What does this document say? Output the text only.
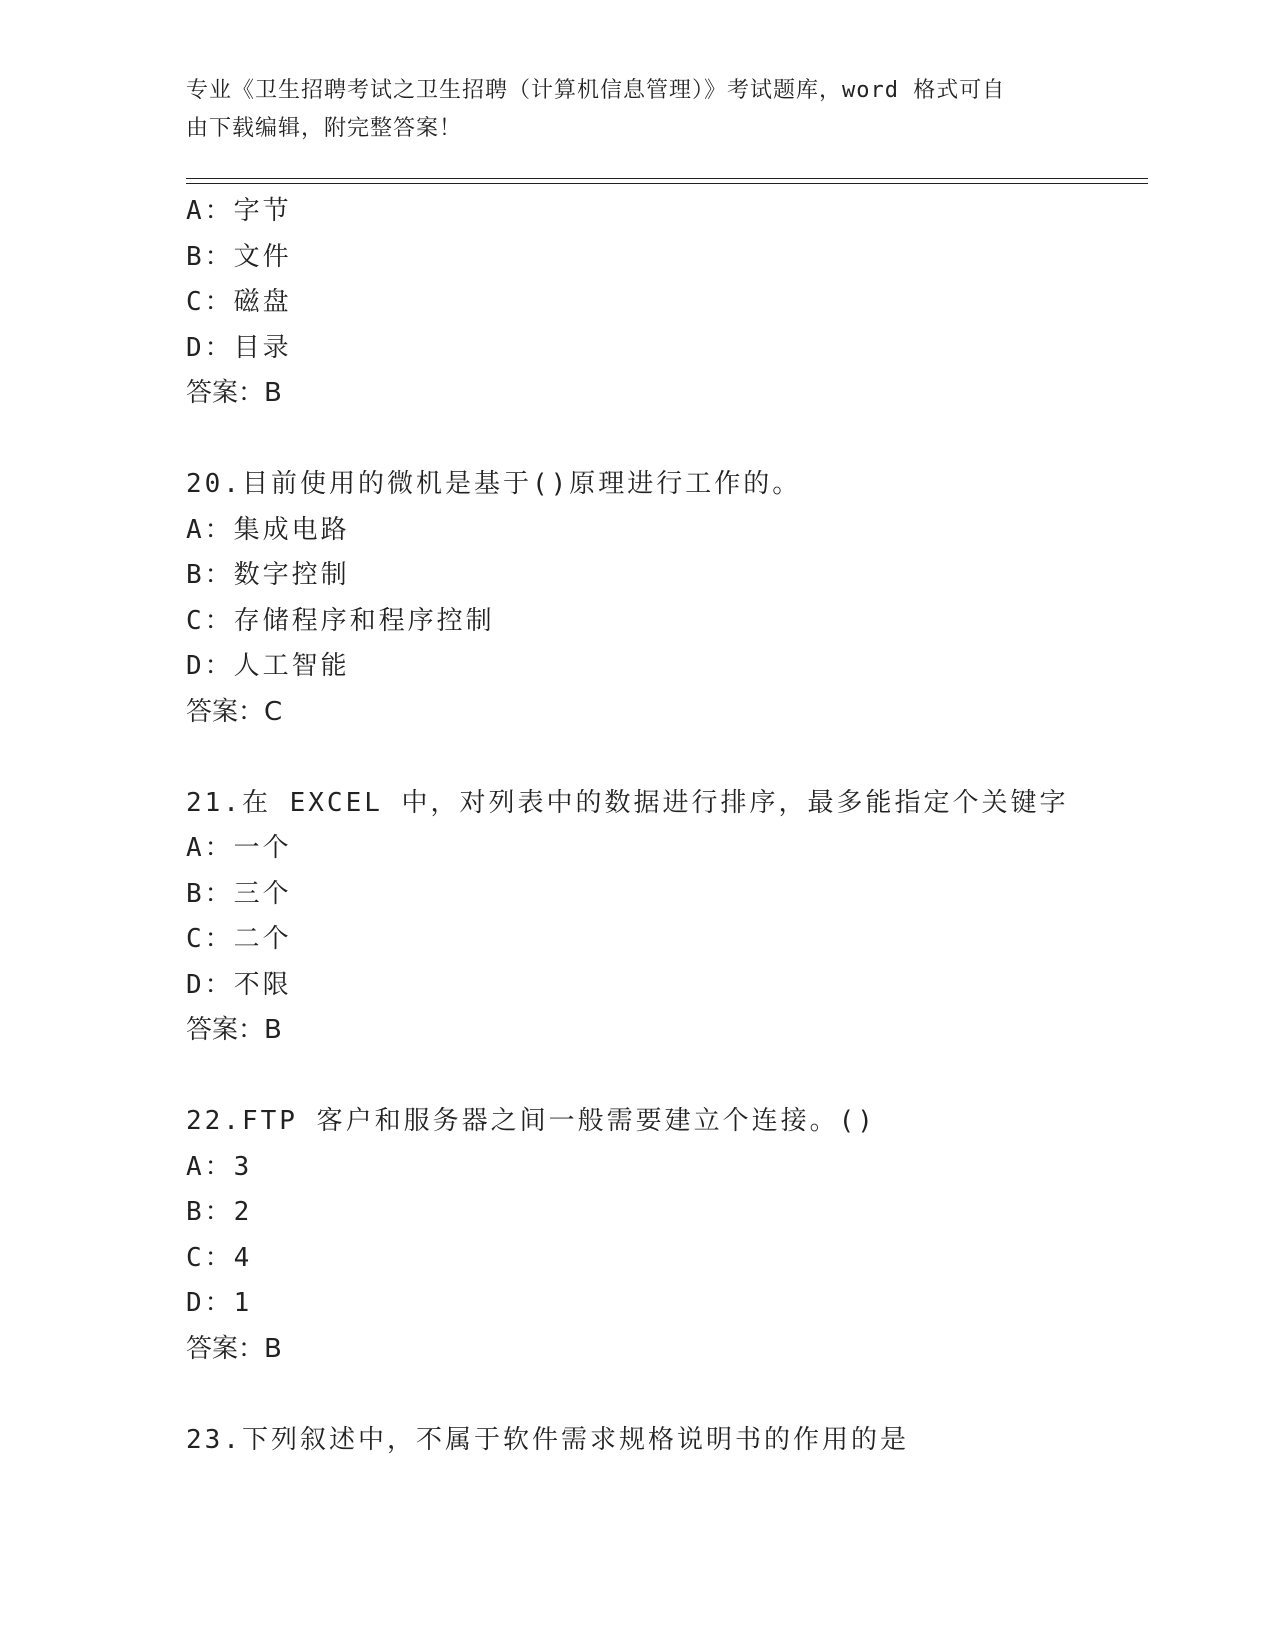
专业《卫生招聘考试之卫生招聘（计算机信息管理）》考试题库，word 格式可自
由下载编辑，附完整答案！
A：字节
B：文件
C：磁盘
D：目录
答案：B
20.目前使用的微机是基于()原理进行工作的。
A：集成电路
B：数字控制
C：存储程序和程序控制
D：人工智能
答案：C
21.在 EXCEL 中，对列表中的数据进行排序，最多能指定个关键字
A：一个
B：三个
C：二个
D：不限
答案：B
22.FTP 客户和服务器之间一般需要建立个连接。()
A：3
B：2
C：4
D：1
答案：B
23.下列叙述中，不属于软件需求规格说明书的作用的是
